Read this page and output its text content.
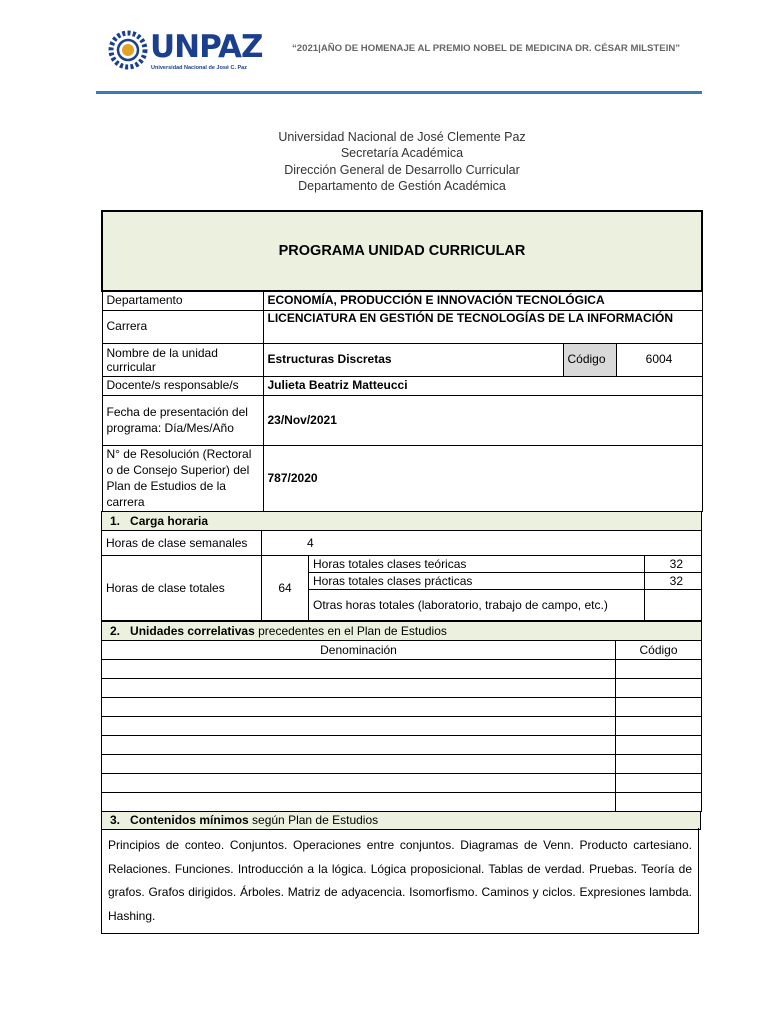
UNPAZ
Universidad Nacional de José C. Paz
“2021|AÑO DE HOMENAJE AL PREMIO NOBEL DE MEDICINA DR. CÉSAR MILSTEIN”
Universidad Nacional de José Clemente Paz
Secretaría Académica
Dirección General de Desarrollo Curricular
Departamento de Gestión Académica
PROGRAMA UNIDAD CURRICULAR			
Departamento	ECONOMÍA, PRODUCCIÓN E INNOVACIÓN TECNOLÓGICA		
Carrera	LICENCIATURA EN GESTIÓN DE TECNOLOGÍAS DE LA INFORMACIÓN		
Nombre de la unidad curricular	Estructuras Discretas	Código	6004
Docente/s responsable/s	Julieta Beatriz Matteucci		
Fecha de presentación del programa: Día/Mes/Año	23/Nov/2021		
N° de Resolución (Rectoral o de Consejo Superior) del Plan de Estudios de la carrera	787/2020		
1. Carga horaria			
Horas de clase semanales	4		
Horas de clase totales	64	Horas totales clases teóricas	32
		Horas totales clases prácticas	32
		Otras horas totales (laboratorio, trabajo de campo, etc.)	
2. Unidades correlativas precedentes en el Plan de Estudios	
Denominación	Código

3. Contenidos mínimos según Plan de Estudios
Principios de conteo. Conjuntos. Operaciones entre conjuntos. Diagramas de Venn. Producto cartesiano. Relaciones. Funciones. Introducción a la lógica. Lógica proposicional. Tablas de verdad. Pruebas. Teoría de grafos. Grafos dirigidos. Árboles. Matriz de adyacencia. Isomorfismo. Caminos y ciclos. Expresiones lambda. Hashing.
